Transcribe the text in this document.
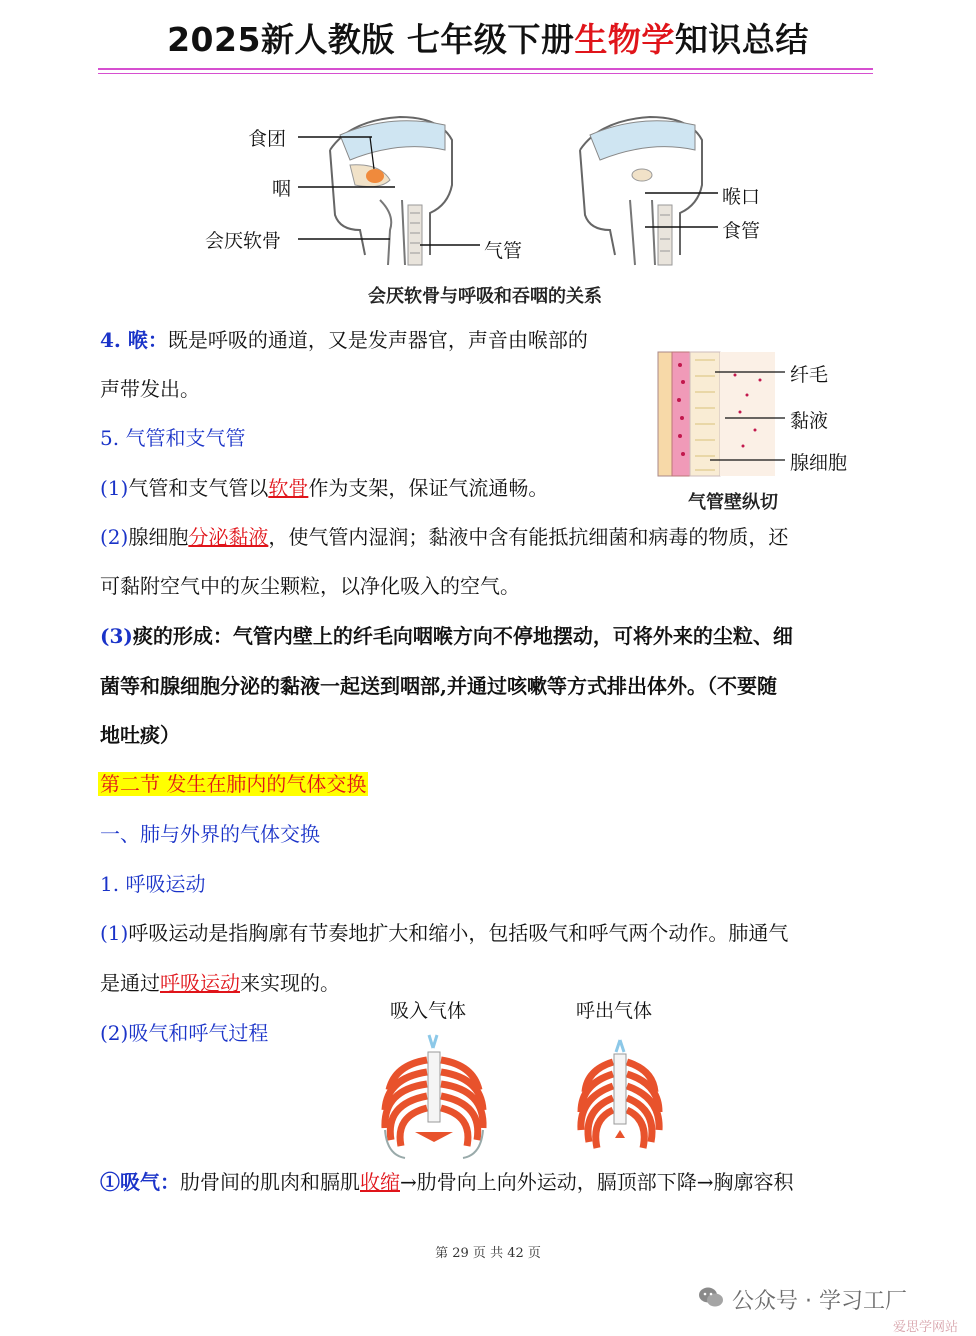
2025新人教版 七年级下册生物学知识总结
食团
咽
会厌软骨	气管
喉口
食管
会厌软骨与呼吸和吞咽的关系
纤毛
黏液
腺细胞
气管壁纵切
4. 喉：既是呼吸的通道，又是发声器官，声音由喉部的
声带发出。
5. 气管和支气管
(1)气管和支气管以软骨作为支架，保证气流通畅。
(2)腺细胞分泌黏液，使气管内湿润；黏液中含有能抵抗细菌和病毒的物质，还
可黏附空气中的灰尘颗粒，以净化吸入的空气。
(3)痰的形成：气管内壁上的纤毛向咽喉方向不停地摆动，可将外来的尘粒、细
菌等和腺细胞分泌的黏液一起送到咽部,并通过咳嗽等方式排出体外。（不要随
地吐痰）
第二节 发生在肺内的气体交换
一、肺与外界的气体交换
1. 呼吸运动
(1)呼吸运动是指胸廓有节奏地扩大和缩小，包括吸气和呼气两个动作。肺通气
是通过呼吸运动来实现的。
(2)吸气和呼气过程
吸入气体	呼出气体
①吸气：肋骨间的肌肉和膈肌收缩→肋骨向上向外运动，膈顶部下降→胸廓容积
第 29 页 共 42 页
公众号 · 学习工厂
爱思学网站
